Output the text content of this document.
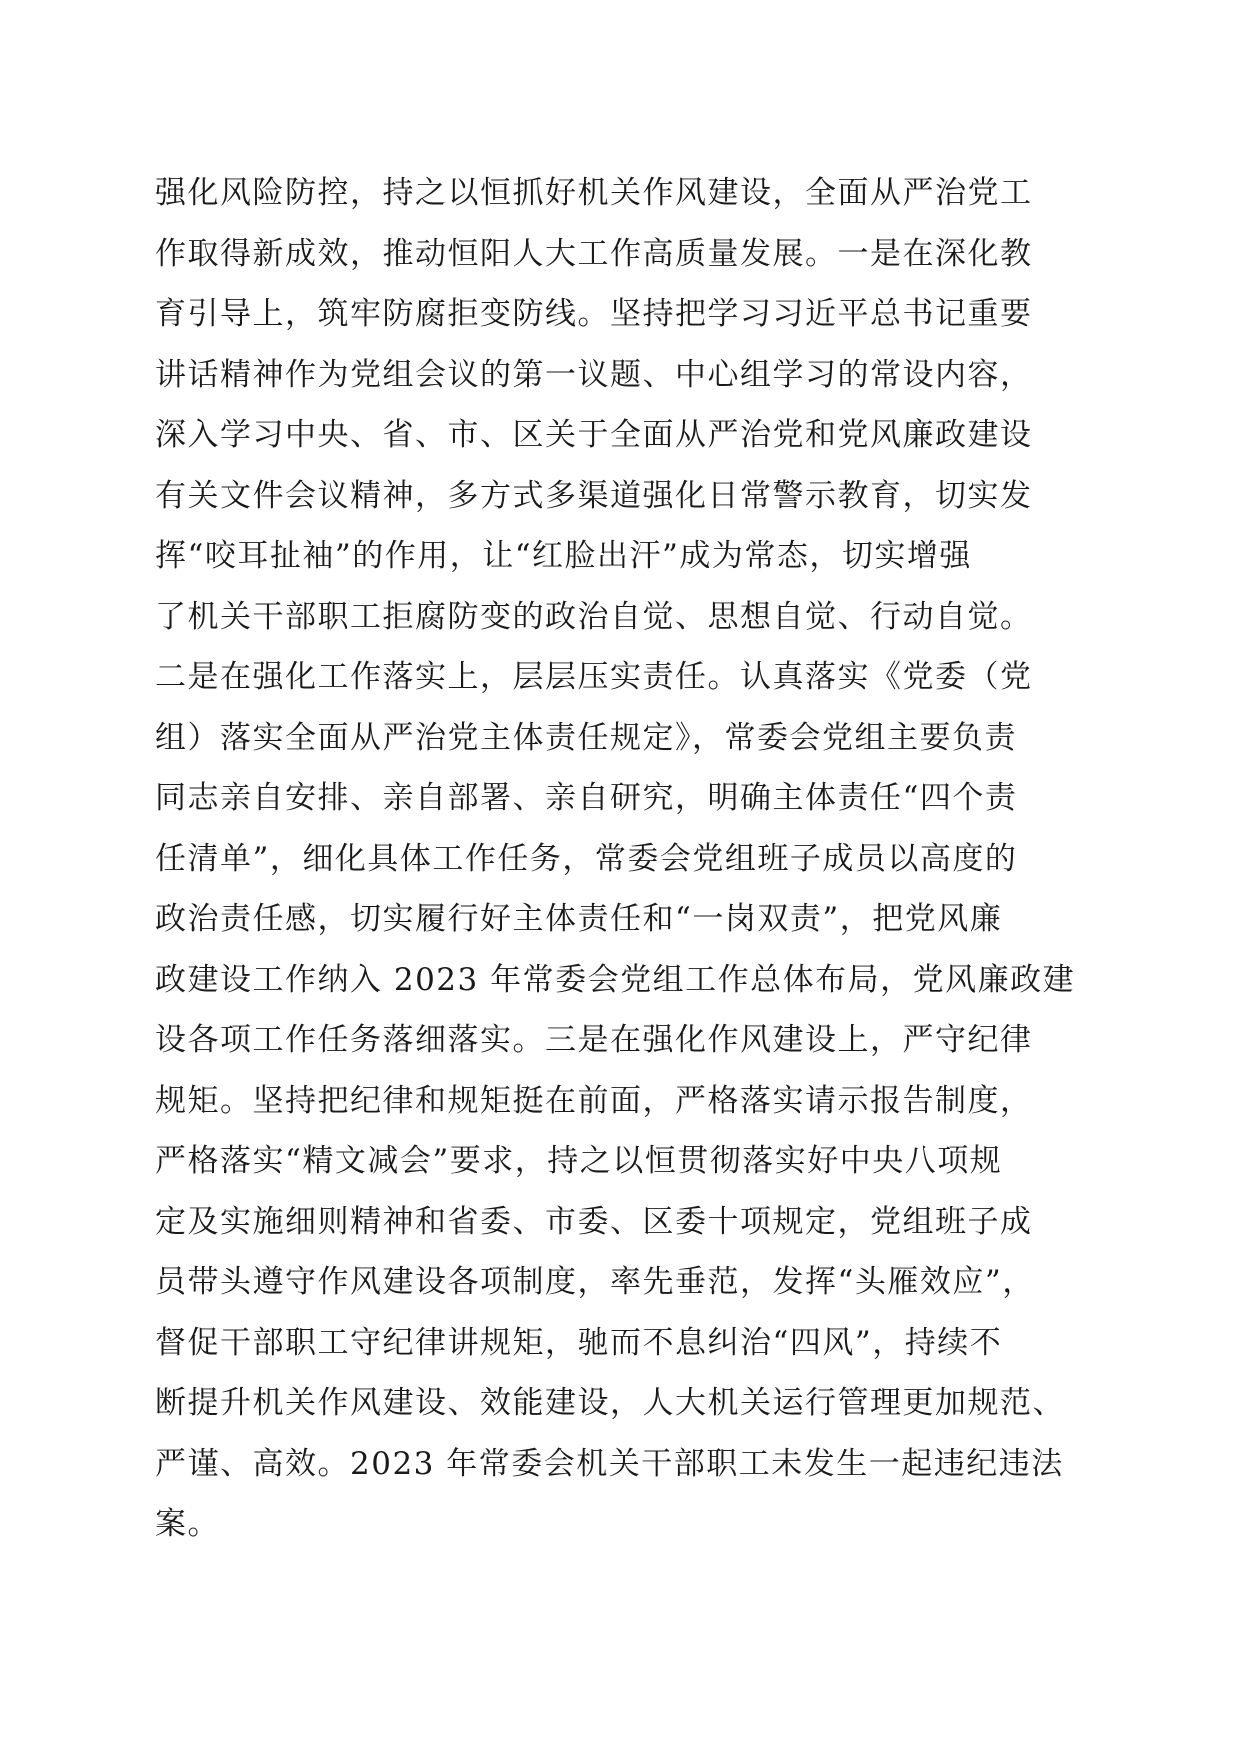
强化风险防控，持之以恒抓好机关作风建设，全面从严治党工
作取得新成效，推动恒阳人大工作高质量发展。一是在深化教
育引导上，筑牢防腐拒变防线。坚持把学习习近平总书记重要
讲话精神作为党组会议的第一议题、中心组学习的常设内容，
深入学习中央、省、市、区关于全面从严治党和党风廉政建设
有关文件会议精神，多方式多渠道强化日常警示教育，切实发
挥“咬耳扯袖”的作用，让“红脸出汗”成为常态，切实增强
了机关干部职工拒腐防变的政治自觉、思想自觉、行动自觉。
二是在强化工作落实上，层层压实责任。认真落实《党委（党
组）落实全面从严治党主体责任规定》，常委会党组主要负责
同志亲自安排、亲自部署、亲自研究，明确主体责任“四个责
任清单”，细化具体工作任务，常委会党组班子成员以高度的
政治责任感，切实履行好主体责任和“一岗双责”，把党风廉
政建设工作纳入 2023 年常委会党组工作总体布局，党风廉政建
设各项工作任务落细落实。三是在强化作风建设上，严守纪律
规矩。坚持把纪律和规矩挺在前面，严格落实请示报告制度，
严格落实“精文减会”要求，持之以恒贯彻落实好中央八项规
定及实施细则精神和省委、市委、区委十项规定，党组班子成
员带头遵守作风建设各项制度，率先垂范，发挥“头雁效应”，
督促干部职工守纪律讲规矩，驰而不息纠治“四风”，持续不
断提升机关作风建设、效能建设，人大机关运行管理更加规范、
严谨、高效。2023 年常委会机关干部职工未发生一起违纪违法
案。
